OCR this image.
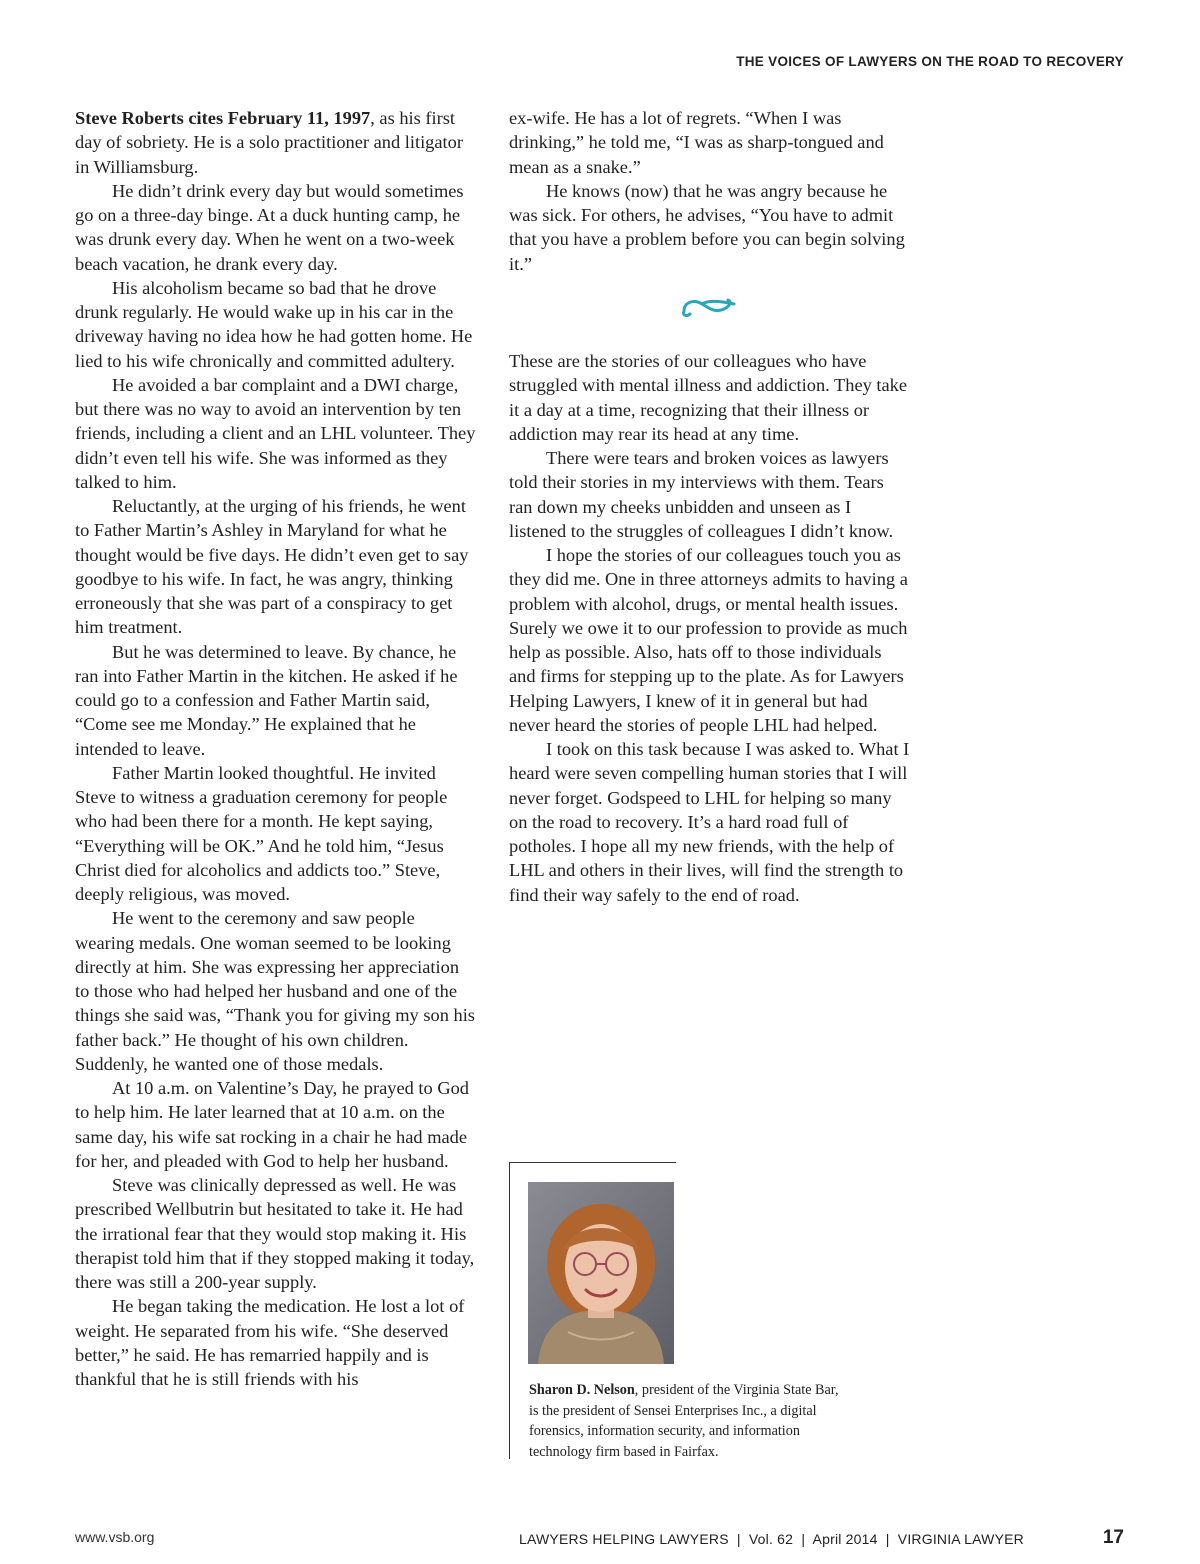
THE VOICES OF LAWYERS ON THE ROAD TO RECOVERY

Steve Roberts cites February 11, 1997, as his first day of sobriety. He is a solo practitioner and litigator in Williamsburg.

He didn’t drink every day but would sometimes go on a three-day binge. At a duck hunting camp, he was drunk every day. When he went on a two-week beach vacation, he drank every day.

His alcoholism became so bad that he drove drunk regularly. He would wake up in his car in the driveway having no idea how he had gotten home. He lied to his wife chronically and committed adultery.

He avoided a bar complaint and a DWI charge, but there was no way to avoid an intervention by ten friends, including a client and an LHL volunteer. They didn’t even tell his wife. She was informed as they talked to him.

Reluctantly, at the urging of his friends, he went to Father Martin’s Ashley in Maryland for what he thought would be five days. He didn’t even get to say goodbye to his wife. In fact, he was angry, thinking erroneously that she was part of a conspiracy to get him treatment.

But he was determined to leave. By chance, he ran into Father Martin in the kitchen. He asked if he could go to a confession and Father Martin said, “Come see me Monday.” He explained that he intended to leave.

Father Martin looked thoughtful. He invited Steve to witness a graduation ceremony for people who had been there for a month. He kept saying, “Everything will be OK.” And he told him, “Jesus Christ died for alcoholics and addicts too.” Steve, deeply religious, was moved.

He went to the ceremony and saw people wearing medals. One woman seemed to be looking directly at him. She was expressing her appreciation to those who had helped her husband and one of the things she said was, “Thank you for giving my son his father back.” He thought of his own children. Suddenly, he wanted one of those medals.

At 10 a.m. on Valentine’s Day, he prayed to God to help him. He later learned that at 10 a.m. on the same day, his wife sat rocking in a chair he had made for her, and pleaded with God to help her husband.

Steve was clinically depressed as well. He was prescribed Wellbutrin but hesitated to take it. He had the irrational fear that they would stop making it. His therapist told him that if they stopped making it today, there was still a 200-year supply.

He began taking the medication. He lost a lot of weight. He separated from his wife. “She deserved better,” he said. He has remarried happily and is thankful that he is still friends with his

ex-wife. He has a lot of regrets. “When I was drinking,” he told me, “I was as sharp-tongued and mean as a snake.”

He knows (now) that he was angry because he was sick. For others, he advises, “You have to admit that you have a problem before you can begin solving it.”

These are the stories of our colleagues who have struggled with mental illness and addiction. They take it a day at a time, recognizing that their illness or addiction may rear its head at any time.

There were tears and broken voices as lawyers told their stories in my interviews with them. Tears ran down my cheeks unbidden and unseen as I listened to the struggles of colleagues I didn’t know.

I hope the stories of our colleagues touch you as they did me. One in three attorneys admits to having a problem with alcohol, drugs, or mental health issues. Surely we owe it to our profession to provide as much help as possible. Also, hats off to those individuals and firms for stepping up to the plate. As for Lawyers Helping Lawyers, I knew of it in general but had never heard the stories of people LHL had helped.

I took on this task because I was asked to. What I heard were seven compelling human stories that I will never forget. Godspeed to LHL for helping so many on the road to recovery. It’s a hard road full of potholes. I hope all my new friends, with the help of LHL and others in their lives, will find the strength to find their way safely to the end of road.

Sharon D. Nelson, president of the Virginia State Bar, is the president of Sensei Enterprises Inc., a digital forensics, information security, and information technology firm based in Fairfax.

www.vsb.org	LAWYERS HELPING LAWYERS  |  Vol. 62  |  April 2014  |  VIRGINIA LAWYER	17
